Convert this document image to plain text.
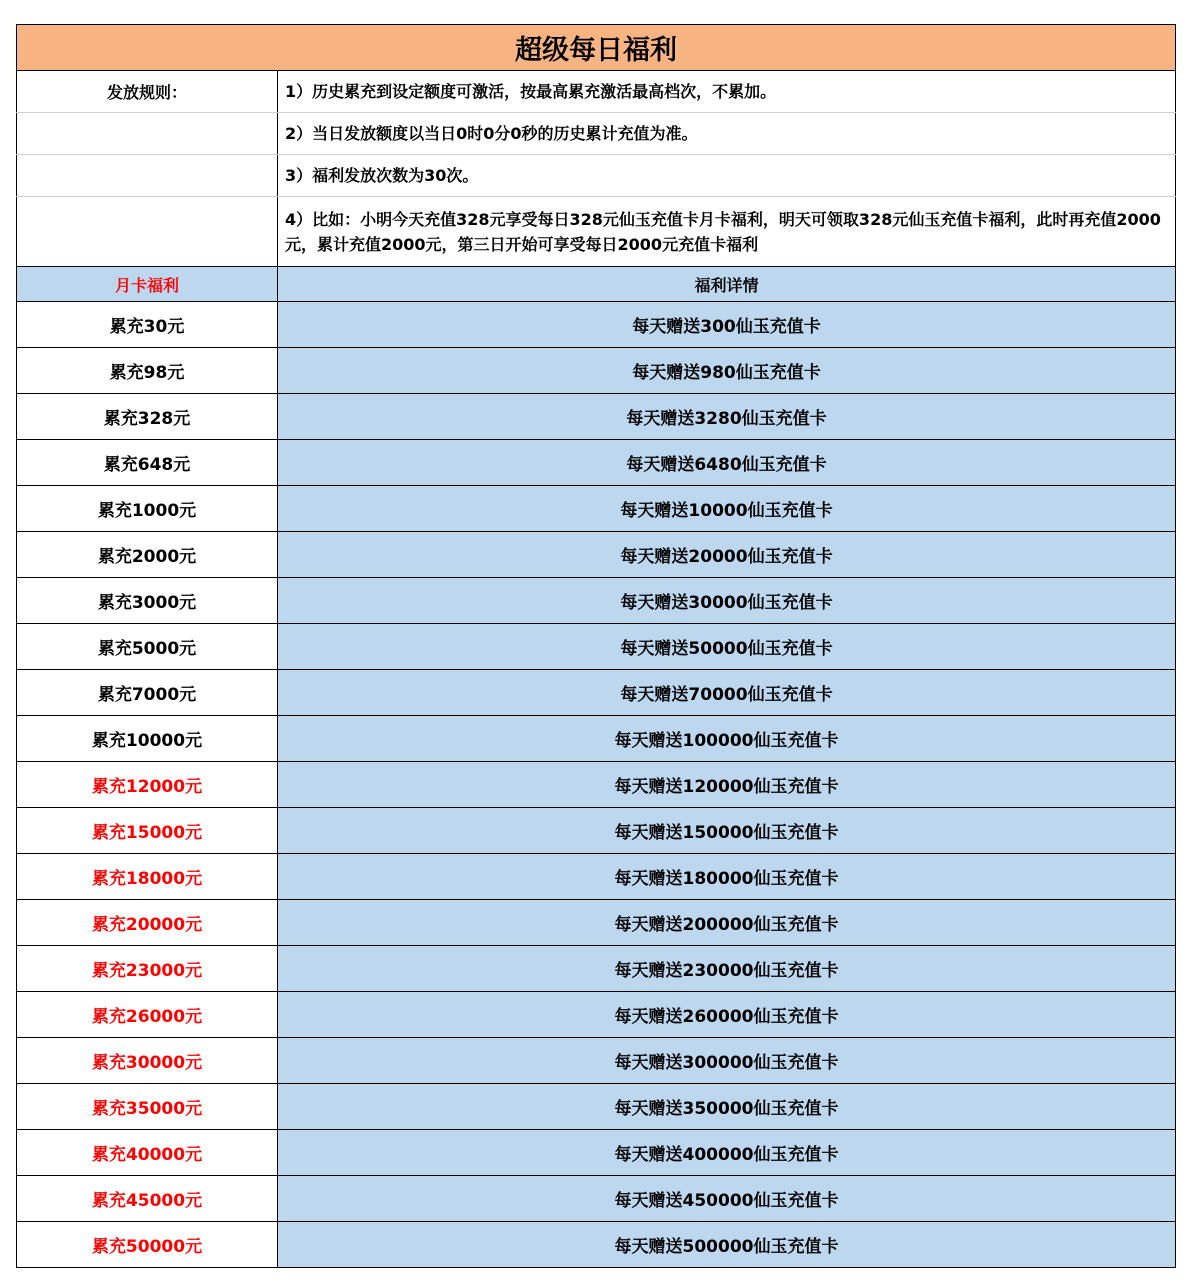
超级每日福利	
发放规则：	1）历史累充到设定额度可激活，按最高累充激活最高档次，不累加。
	2）当日发放额度以当日0时0分0秒的历史累计充值为准。
	3）福利发放次数为30次。
	4）比如：小明今天充值328元享受每日328元仙玉充值卡月卡福利，明天可领取328元仙玉充值卡福利，此时再充值2000元，累计充值2000元，第三日开始可享受每日2000元充值卡福利
月卡福利	福利详情
累充30元	每天赠送300仙玉充值卡
累充98元	每天赠送980仙玉充值卡
累充328元	每天赠送3280仙玉充值卡
累充648元	每天赠送6480仙玉充值卡
累充1000元	每天赠送10000仙玉充值卡
累充2000元	每天赠送20000仙玉充值卡
累充3000元	每天赠送30000仙玉充值卡
累充5000元	每天赠送50000仙玉充值卡
累充7000元	每天赠送70000仙玉充值卡
累充10000元	每天赠送100000仙玉充值卡
累充12000元	每天赠送120000仙玉充值卡
累充15000元	每天赠送150000仙玉充值卡
累充18000元	每天赠送180000仙玉充值卡
累充20000元	每天赠送200000仙玉充值卡
累充23000元	每天赠送230000仙玉充值卡
累充26000元	每天赠送260000仙玉充值卡
累充30000元	每天赠送300000仙玉充值卡
累充35000元	每天赠送350000仙玉充值卡
累充40000元	每天赠送400000仙玉充值卡
累充45000元	每天赠送450000仙玉充值卡
累充50000元	每天赠送500000仙玉充值卡
